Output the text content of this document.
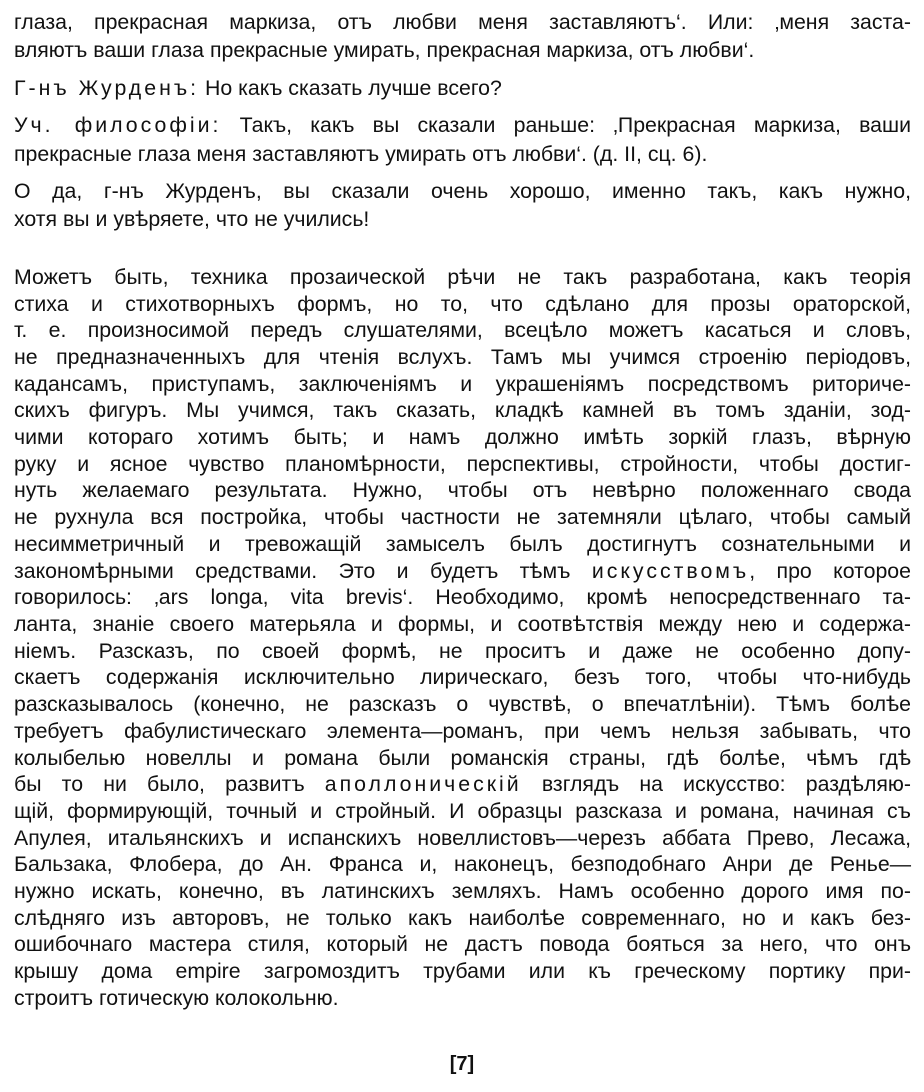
глаза, прекрасная маркиза, отъ любви меня заставляютъ‘. Или: ‚меня заста-
вляютъ ваши глаза прекрасные умирать, прекрасная маркиза, отъ любви‘.
Г-нъ Журденъ: Но какъ сказать лучше всего?
Уч. философіи: Такъ, какъ вы сказали раньше: ‚Прекрасная маркиза, ваши
прекрасные глаза меня заставляютъ умирать отъ любви‘. (д. II, сц. 6).
О да, г-нъ Журденъ, вы сказали очень хорошо, именно такъ, какъ нужно,
хотя вы и увѣряете, что не учились!
Можетъ быть, техника прозаической рѣчи не такъ разработана, какъ теорія
стиха и стихотворныхъ формъ, но то, что сдѣлано для прозы ораторской,
т. е. произносимой передъ слушателями, всецѣло можетъ касаться и словъ,
не предназначенныхъ для чтенія вслухъ. Тамъ мы учимся строенію періодовъ,
кадансамъ, приступамъ, заключеніямъ и украшеніямъ посредствомъ риториче-
скихъ фигуръ. Мы учимся, такъ сказать, кладкѣ камней въ томъ зданіи, зод-
чими котораго хотимъ быть; и намъ должно имѣть зоркій глазъ, вѣрную
руку и ясное чувство планомѣрности, перспективы, стройности, чтобы достиг-
нуть желаемаго результата. Нужно, чтобы отъ невѣрно положеннаго свода
не рухнула вся постройка, чтобы частности не затемняли цѣлаго, чтобы самый
несимметричный и тревожащій замыселъ былъ достигнутъ сознательными и
закономѣрными средствами. Это и будетъ тѣмъ искусствомъ, про которое
говорилось: ‚ars longa, vita brevis‘. Необходимо, кромѣ непосредственнаго та-
ланта, знаніе своего матерьяла и формы, и соотвѣтствія между нею и содержа-
ніемъ. Разсказъ, по своей формѣ, не проситъ и даже не особенно допу-
скаетъ содержанія исключительно лирическаго, безъ того, чтобы что-нибудь
разсказывалось (конечно, не разсказъ о чувствѣ, о впечатлѣніи). Тѣмъ болѣе
требуетъ фабулистическаго элемента—романъ, при чемъ нельзя забывать, что
колыбелью новеллы и романа были романскія страны, гдѣ болѣе, чѣмъ гдѣ
бы то ни было, развитъ аполлоническій взглядъ на искусство: раздѣляю-
щій, формирующій, точный и стройный. И образцы разсказа и романа, начиная съ
Апулея, итальянскихъ и испанскихъ новеллистовъ—черезъ аббата Прево, Лесажа,
Бальзака, Флобера, до Ан. Франса и, наконецъ, безподобнаго Анри де Ренье—
нужно искать, конечно, въ латинскихъ земляхъ. Намъ особенно дорого имя по-
слѣдняго изъ авторовъ, не только какъ наиболѣе современнаго, но и какъ без-
ошибочнаго мастера стиля, который не дастъ повода бояться за него, что онъ
крышу дома empire загромоздитъ трубами или къ греческому портику при-
строитъ готическую колокольню.
[7]
